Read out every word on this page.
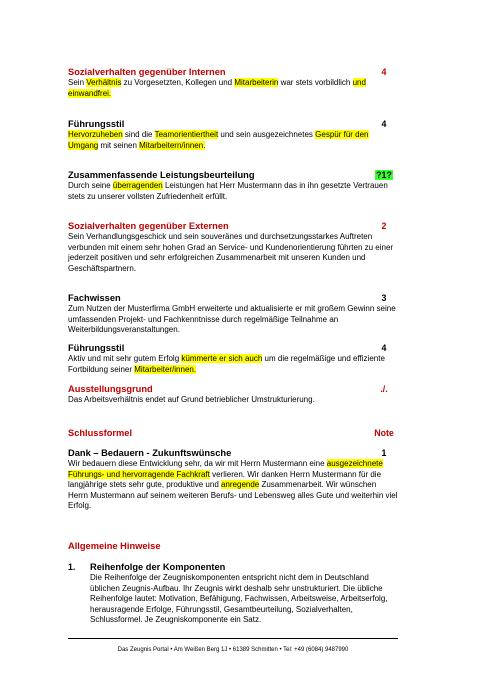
Sozialverhalten gegenüber Internen

Sein Verhältnis zu Vorgesetzten, Kollegen und Mitarbeiterin war stets vorbildlich und einwandfrei.

4

Führungsstil

Hervorzuheben sind die Teamorientiertheit und sein ausgezeichnetes Gespür für den Umgang mit seinen Mitarbeitern/innen.

4

Zusammenfassende Leistungsbeurteilung

Durch seine überragenden Leistungen hat Herr Mustermann das in ihn gesetzte Vertrauen stets zu unserer vollsten Zufriedenheit erfüllt.

?1?

Sozialverhalten gegenüber Externen

Sein Verhandlungsgeschick und sein souveränes und durchsetzungsstarkes Auftreten verbunden mit einem sehr hohen Grad an Service- und Kundenorientierung führten zu einer jederzeit positiven und sehr erfolgreichen Zusammenarbeit mit unseren Kunden und Geschäftspartnern.

2

Fachwissen

Zum Nutzen der Musterfirma GmbH erweiterte und aktualisierte er mit großem Gewinn seine umfassenden Projekt- und Fachkenntnisse durch regelmäßige Teilnahme an Weiterbildungsveranstaltungen.

3

Führungsstil

Aktiv und mit sehr gutem Erfolg kümmerte er sich auch um die regelmäßige und effiziente Fortbildung seiner Mitarbeiter/innen.

4

Ausstellungsgrund

Das Arbeitsverhältnis endet auf Grund betrieblicher Umstrukturierung.

./.

Schlussformel	Note

Dank – Bedauern - Zukunftswünsche

Wir bedauern diese Entwicklung sehr, da wir mit Herrn Mustermann eine ausgezeichnete Führungs- und hervorragende Fachkraft verlieren. Wir danken Herrn Mustermann für die langjährige stets sehr gute, produktive und anregende Zusammenarbeit. Wir wünschen Herrn Mustermann auf seinem weiteren Berufs- und Lebensweg alles Gute und weiterhin viel Erfolg.

1

Allgemeine Hinweise

1. Reihenfolge der Komponenten

Die Reihenfolge der Zeugniskomponenten entspricht nicht dem in Deutschland üblichen Zeugnis-Aufbau. Ihr Zeugnis wirkt deshalb sehr unstrukturiert. Die übliche Reihenfolge lautet: Motivation, Befähigung, Fachwissen, Arbeitsweise, Arbeitserfolg, herausragende Erfolge, Führungsstil, Gesamtbeurteilung, Sozialverhalten, Schlussformel. Je Zeugniskomponente ein Satz.

Das Zeugnis Portal • Am Weißen Berg 1J • 61389 Schmitten • Tel: +49 (6084) 9487990
